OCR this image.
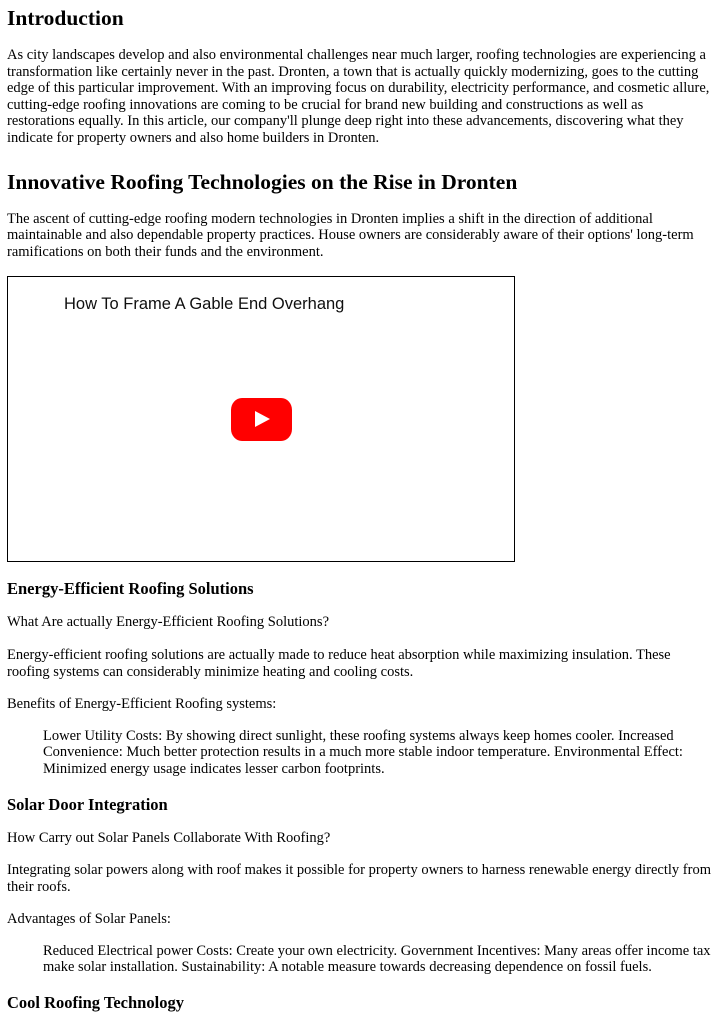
Introduction

As city landscapes develop and also environmental challenges near much larger, roofing technologies are experiencing a transformation like certainly never in the past. Dronten, a town that is actually quickly modernizing, goes to the cutting edge of this particular improvement. With an improving focus on durability, electricity performance, and cosmetic allure, cutting-edge roofing innovations are coming to be crucial for brand new building and constructions as well as restorations equally. In this article, our company'll plunge deep right into these advancements, discovering what they indicate for property owners and also home builders in Dronten.

Innovative Roofing Technologies on the Rise in Dronten

The ascent of cutting-edge roofing modern technologies in Dronten implies a shift in the direction of additional maintainable and also dependable property practices. House owners are considerably aware of their options' long-term ramifications on both their funds and the environment.

How To Frame A Gable End Overhang
Energy-Efficient Roofing Solutions

What Are actually Energy-Efficient Roofing Solutions?

Energy-efficient roofing solutions are actually made to reduce heat absorption while maximizing insulation. These roofing systems can considerably minimize heating and cooling costs.

Benefits of Energy-Efficient Roofing systems:

Lower Utility Costs: By showing direct sunlight, these roofing systems always keep homes cooler. Increased Convenience: Much better protection results in a much more stable indoor temperature. Environmental Effect: Minimized energy usage indicates lesser carbon footprints.
Solar Door Integration

How Carry out Solar Panels Collaborate With Roofing?

Integrating solar powers along with roof makes it possible for property owners to harness renewable energy directly from their roofs.

Advantages of Solar Panels:

Reduced Electrical power Costs: Create your own electricity. Government Incentives: Many areas offer income tax make solar installation. Sustainability: A notable measure towards decreasing dependence on fossil fuels.
Cool Roofing Technology
